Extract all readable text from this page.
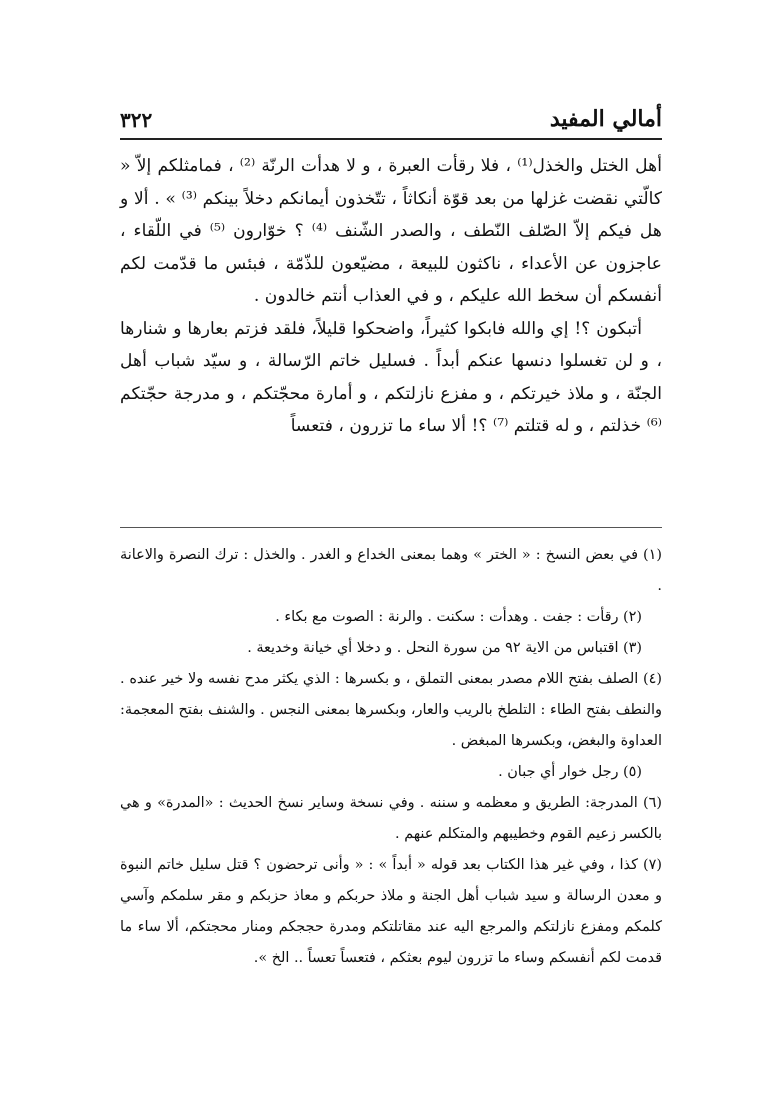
أمالي المفيد
٣٢٢

أهل الختل والخذل⁽¹⁾ ، فلا رقأت العبرة ، و لا هدأت الرنّة ⁽²⁾ ، فمامثلكم إلاّ « كالّتي نقضت غزلها من بعد قوّة أنكاثاً ، تتّخذون أيمانكم دخلاً بينكم ⁽³⁾ » . ألا و هل فيكم إلاّ الصّلف النّطف ، والصدر الشّنف ⁽⁴⁾ ؟ خوّارون ⁽⁵⁾ في اللّقاء ، عاجزون عن الأعداء ، ناكثون للبيعة ، مضيّعون للذّمّة ، فبئس ما قدّمت لكم أنفسكم أن سخط الله عليكم ، و في العذاب أنتم خالدون .

أتبكون ؟! إي والله فابكوا كثيراً، واضحكوا قليلاً، فلقد فزتم بعارها و شنارها ، و لن تغسلوا دنسها عنكم أبداً . فسليل خاتم الرّسالة ، و سيّد شباب أهل الجنّة ، و ملاذ خيرتكم ، و مفزع نازلتكم ، و أمارة محجّتكم ، و مدرجة حجّتكم ⁽⁶⁾ خذلتم ، و له قتلتم ⁽⁷⁾ ؟! ألا ساء ما تزرون ، فتعساً

(١) في بعض النسخ : « الختر » وهما بمعنى الخداع و الغدر . والخذل : ترك النصرة والاعانة .

(٢) رقأت : جفت . وهدأت : سكنت . والرنة : الصوت مع بكاء .

(٣) اقتباس من الاية ٩٢ من سورة النحل . و دخلا أي خيانة وخديعة .

(٤) الصلف بفتح اللام مصدر بمعنى التملق ، و بكسرها : الذي يكثر مدح نفسه ولا خير عنده . والنطف بفتح الطاء : التلطخ بالريب والعار، وبكسرها بمعنى النجس . والشنف بفتح المعجمة: العداوة والبغض، وبكسرها المبغض .

(٥) رجل خوار أي جبان .

(٦) المدرجة: الطريق و معظمه و سننه . وفي نسخة وساير نسخ الحديث : «المدرة» و هي بالكسر زعيم القوم وخطيبهم والمتكلم عنهم .

(٧) كذا ، وفي غير هذا الكتاب بعد قوله « أبداً » : « وأنى ترحضون ؟ قتل سليل خاتم النبوة و معدن الرسالة و سيد شباب أهل الجنة و ملاذ حربكم و معاذ حزبكم و مقر سلمكم وآسي كلمكم ومفزع نازلتكم والمرجع اليه عند مقاتلتكم ومدرة حججكم ومنار محجتكم، ألا ساء ما قدمت لكم أنفسكم وساء ما تزرون ليوم بعثكم ، فتعساً تعساً .. الخ ».
